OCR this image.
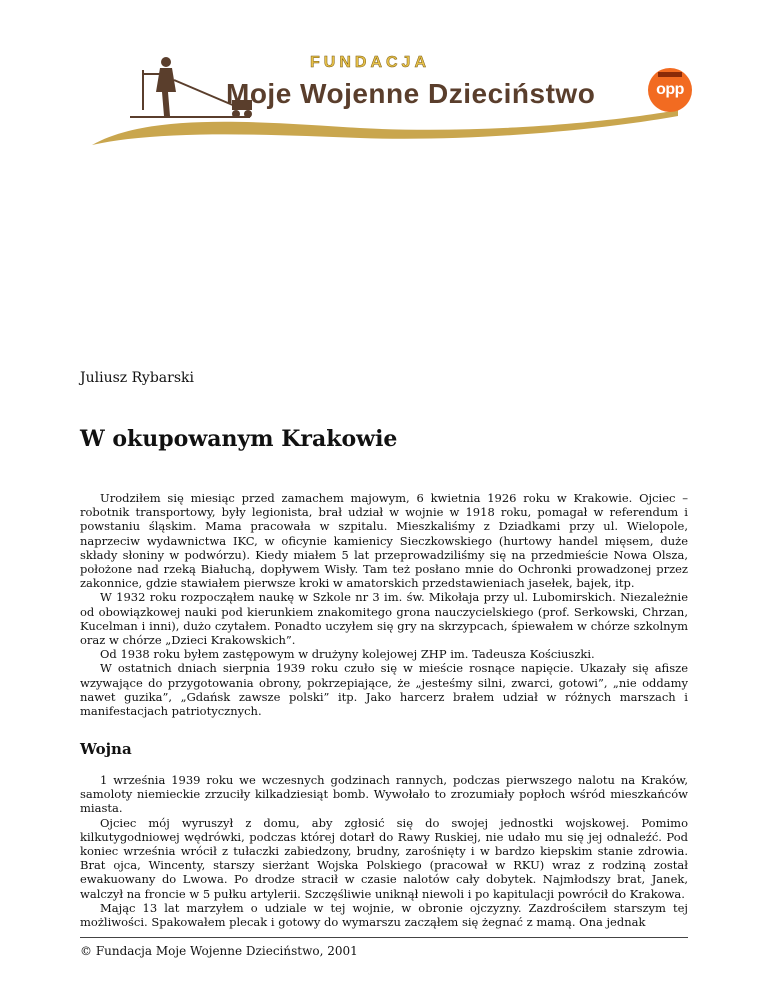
FUNDACJA
Moje Wojenne Dzieciństwo	opp
Juliusz Rybarski
W okupowanym Krakowie

Urodziłem się miesiąc przed zamachem majowym, 6 kwietnia 1926 roku w Krakowie. Ojciec – robotnik transportowy, były legionista, brał udział w wojnie w 1918 roku, pomagał w referendum i powstaniu śląskim. Mama pracowała w szpitalu. Mieszkaliśmy z Dziadkami przy ul. Wielopole, naprzeciw wydawnictwa IKC, w oficynie kamienicy Sieczkowskiego (hurtowy handel mięsem, duże składy słoniny w podwórzu). Kiedy miałem 5 lat przeprowadziliśmy się na przedmieście Nowa Olsza, położone nad rzeką Białuchą, dopływem Wisły. Tam też posłano mnie do Ochronki prowadzonej przez zakonnice, gdzie stawiałem pierwsze kroki w amatorskich przedstawieniach jasełek, bajek, itp.

W 1932 roku rozpocząłem naukę w Szkole nr 3 im. św. Mikołaja przy ul. Lubomirskich. Niezależnie od obowiązkowej nauki pod kierunkiem znakomitego grona nauczycielskiego (prof. Serkowski, Chrzan, Kucelman i inni), dużo czytałem. Ponadto uczyłem się gry na skrzypcach, śpiewałem w chórze szkolnym oraz w chórze „Dzieci Krakowskich”.

Od 1938 roku byłem zastępowym w drużyny kolejowej ZHP im. Tadeusza Kościuszki.

W ostatnich dniach sierpnia 1939 roku czuło się w mieście rosnące napięcie. Ukazały się afisze wzywające do przygotowania obrony, pokrzepiające, że „jesteśmy silni, zwarci, gotowi”, „nie oddamy nawet guzika”, „Gdańsk zawsze polski” itp. Jako harcerz brałem udział w różnych marszach i manifestacjach patriotycznych.

Wojna

1 września 1939 roku we wczesnych godzinach rannych, podczas pierwszego nalotu na Kraków, samoloty niemieckie zrzuciły kilkadziesiąt bomb. Wywołało to zrozumiały popłoch wśród mieszkańców miasta.

Ojciec mój wyruszył z domu, aby zgłosić się do swojej jednostki wojskowej. Pomimo kilkutygodniowej wędrówki, podczas której dotarł do Rawy Ruskiej, nie udało mu się jej odnaleźć. Pod koniec września wrócił z tułaczki zabiedzony, brudny, zarośnięty i w bardzo kiepskim stanie zdrowia. Brat ojca, Wincenty, starszy sierżant Wojska Polskiego (pracował w RKU) wraz z rodziną został ewakuowany do Lwowa. Po drodze stracił w czasie nalotów cały dobytek. Najmłodszy brat, Janek, walczył na froncie w 5 pułku artylerii. Szczęśliwie uniknął niewoli i po kapitulacji powrócił do Krakowa.

Mając 13 lat marzyłem o udziale w tej wojnie, w obronie ojczyzny. Zazdrościłem starszym tej możliwości. Spakowałem plecak i gotowy do wymarszu zacząłem się żegnać z mamą. Ona jednak

© Fundacja Moje Wojenne Dzieciństwo, 2001
